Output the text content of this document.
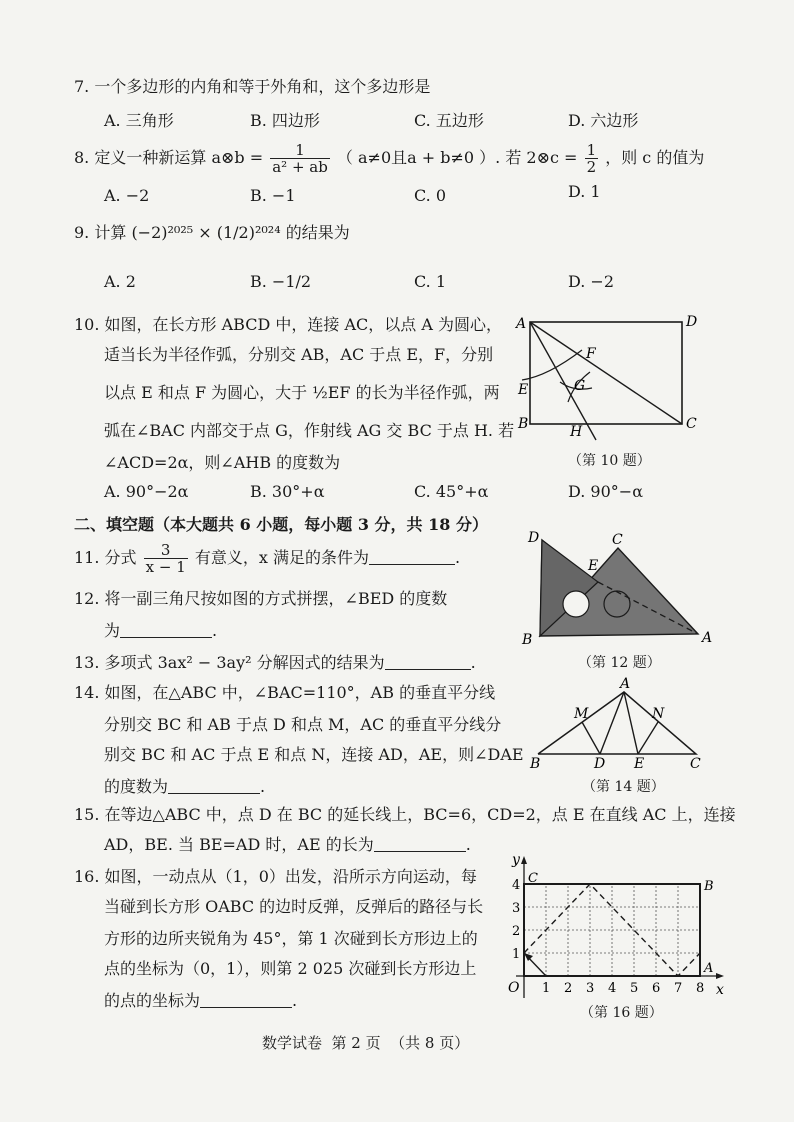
7. 一个多边形的内角和等于外角和，这个多边形是
A. 三角形	B. 四边形	C. 五边形	D. 六边形
8. 定义一种新运算 a⊗b = $\frac{1}{\text{a² + ab}}$ （ a≠0且a + b≠0 ）. 若 2⊗c = $\frac{1}{2}$ ，则 c 的值为
A. −2	B. −1	C. 0	D. 1
9. 计算 (−2)²⁰²⁵ × (1/2)²⁰²⁴ 的结果为
A. 2	B. −1/2	C. 1	D. −2
10. 如图，在长方形 ABCD 中，连接 AC，以点 A 为圆心，
适当长为半径作弧，分别交 AB，AC 于点 E，F，分别
以点 E 和点 F 为圆心，大于 ½EF 的长为半径作弧，两
弧在∠BAC 内部交于点 G，作射线 AG 交 BC 于点 H. 若
∠ACD=2α，则∠AHB 的度数为
A. 90°−2α	B. 30°+α	C. 45°+α	D. 90°−α
A	D
B	C
E
F
G
H
（第 10 题）
二、填空题（本大题共 6 小题，每小题 3 分，共 18 分）
11. 分式 $\frac{3}{x - 1}$ 有意义，x 满足的条件为	.
12. 将一副三角尺按如图的方式拼摆，∠BED 的度数
为	.
D	C
E
B	A
（第 12 题）
13. 多项式 3ax² − 3ay² 分解因式的结果为	.
14. 如图，在△ABC 中，∠BAC=110°，AB 的垂直平分线
分别交 BC 和 AB 于点 D 和点 M，AC 的垂直平分线分
别交 BC 和 AC 于点 E 和点 N，连接 AD，AE，则∠DAE
的度数为	.
A
M	N
B	D E	C
（第 14 题）
15. 在等边△ABC 中，点 D 在 BC 的延长线上，BC=6，CD=2，点 E 在直线 AC 上，连接
AD，BE. 当 BE=AD 时，AE 的长为	.
16. 如图，一动点从（1，0）出发，沿所示方向运动，每
当碰到长方形 OABC 的边时反弹，反弹后的路径与长
方形的边所夹锐角为 45°，第 1 次碰到长方形边上的
点的坐标为（0，1），则第 2 025 次碰到长方形边上
的点的坐标为	.
1 2 3 4 5 6 7 8
1
2
3
4
O	x
y
C
B
A
（第 16 题）
数学试卷  第 2 页  （共 8 页）
